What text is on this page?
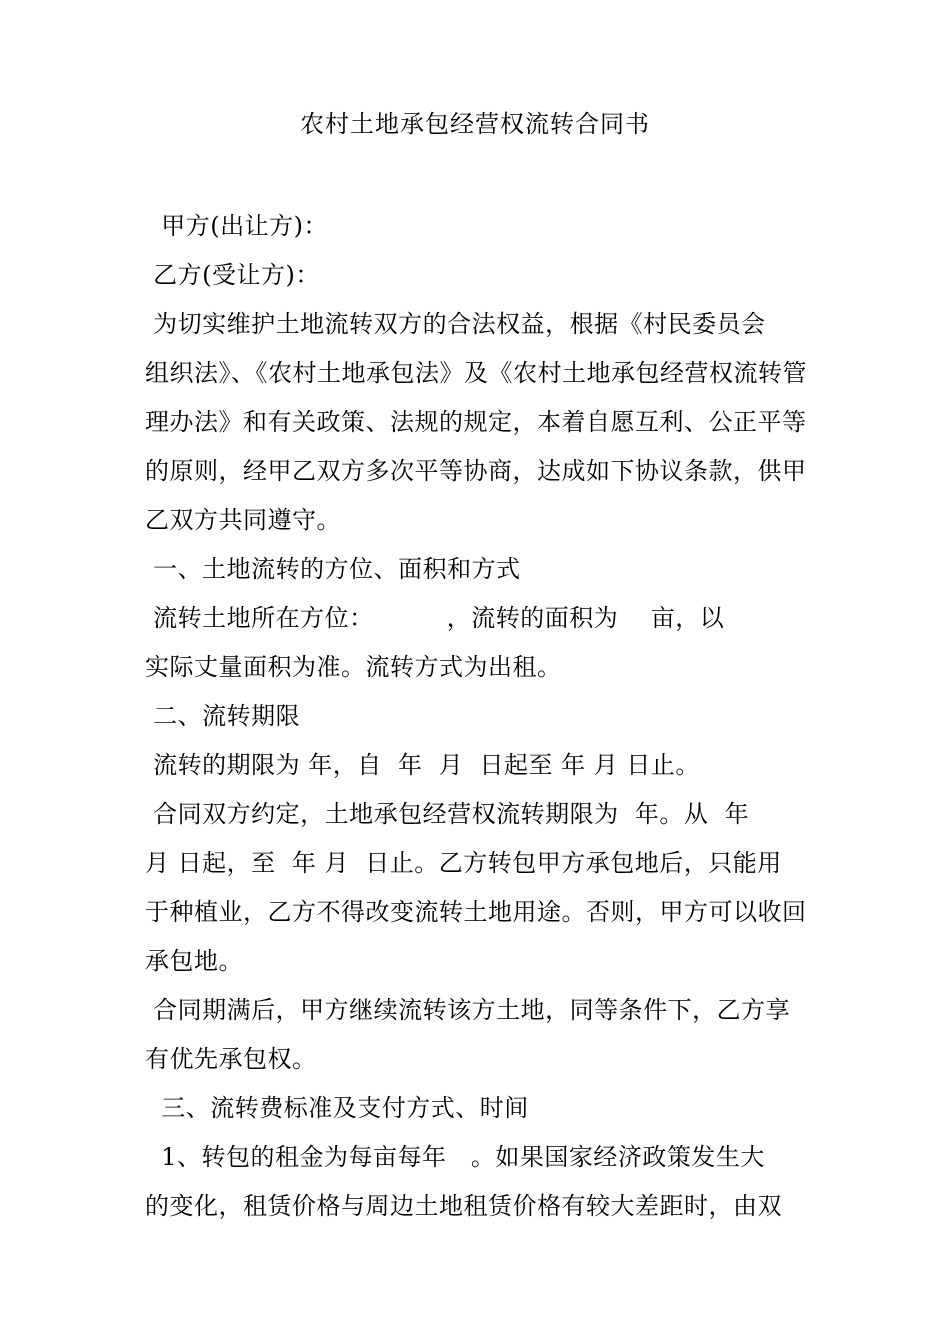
农村土地承包经营权流转合同书
甲方(出让方)：
乙方(受让方)：
为切实维护土地流转双方的合法权益，根据《村民委员会
组织法》、《农村土地承包法》及《农村土地承包经营权流转管
理办法》和有关政策、法规的规定，本着自愿互利、公正平等
的原则，经甲乙双方多次平等协商，达成如下协议条款，供甲
乙双方共同遵守。
一、土地流转的方位、面积和方式
流转土地所在方位：         ，流转的面积为    亩，以
实际丈量面积为准。流转方式为出租。
二、流转期限
流转的期限为 年，自  年  月  日起至 年 月 日止。
合同双方约定，土地承包经营权流转期限为  年。从  年
月 日起，至  年 月  日止。乙方转包甲方承包地后，只能用
于种植业，乙方不得改变流转土地用途。否则，甲方可以收回
承包地。
合同期满后，甲方继续流转该方土地，同等条件下，乙方享
有优先承包权。
三、流转费标准及支付方式、时间
1、转包的租金为每亩每年   。如果国家经济政策发生大
的变化，租赁价格与周边土地租赁价格有较大差距时，由双
